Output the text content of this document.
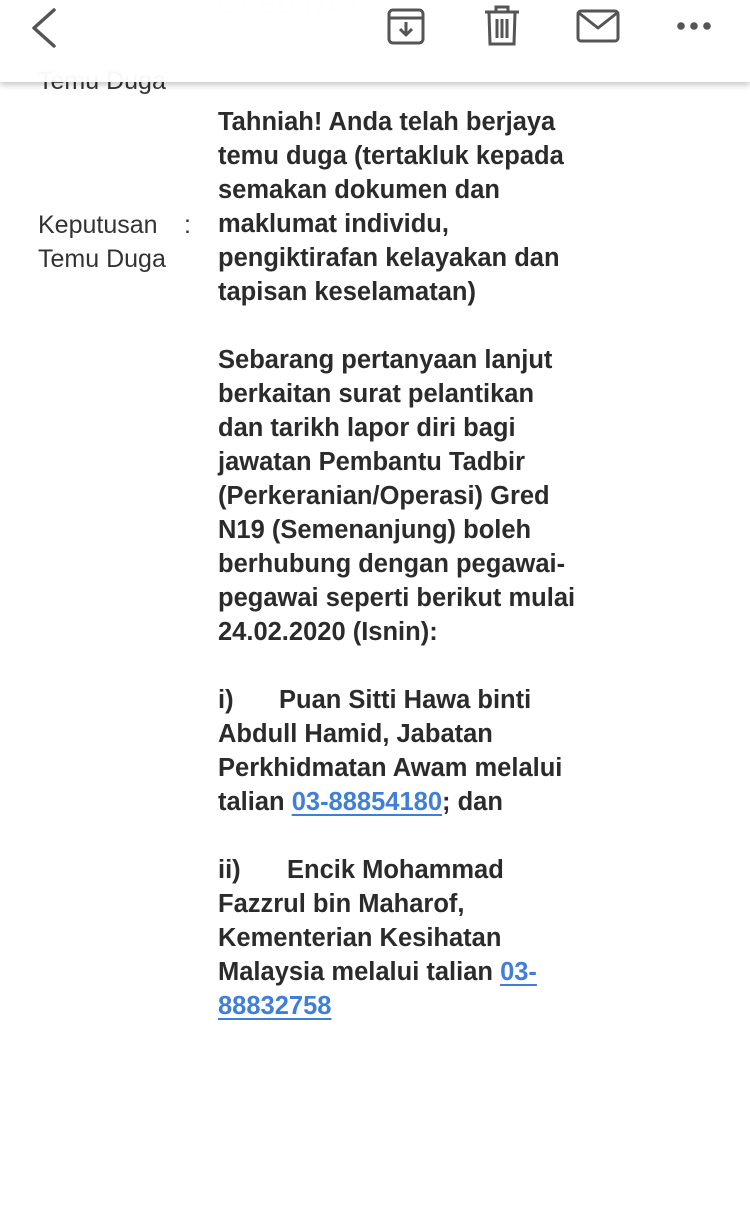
Keputusan
Temu Duga
:

Tahniah! Anda telah berjaya temu duga (tertakluk kepada semakan dokumen dan maklumat individu, pengiktirafan kelayakan dan tapisan keselamatan)

Sebarang pertanyaan lanjut berkaitan surat pelantikan dan tarikh lapor diri bagi jawatan Pembantu Tadbir (Perkeranian/Operasi) Gred N19 (Semenanjung) boleh berhubung dengan pegawai-pegawai seperti berikut mulai 24.02.2020 (Isnin):

i) Puan Sitti Hawa binti Abdull Hamid, Jabatan Perkhidmatan Awam melalui talian 03-88854180; dan

ii) Encik Mohammad Fazzrul bin Maharof, Kementerian Kesihatan Malaysia melalui talian 03-88832758
